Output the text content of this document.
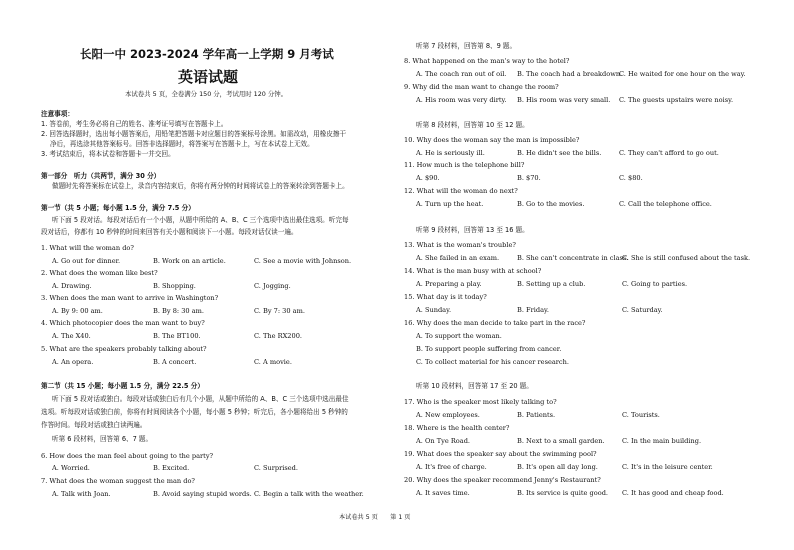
长阳一中 2023-2024 学年高一上学期 9 月考试
英语试题
本试卷共 5 页，全卷满分 150 分，考试用时 120 分钟。
注意事项：
1. 答卷前，考生务必将自己的姓名、准考证号填写在答题卡上。
2. 回答选择题时，选出每小题答案后，用铅笔把答题卡对应题目的答案标号涂黑。如需改动，用橡皮擦干
净后，再选涂其他答案标号。回答非选择题时，将答案写在答题卡上，写在本试卷上无效。
3. 考试结束后，将本试卷和答题卡一并交回。
第一部分　听力（共两节，满分 30 分）
做题时先将答案标在试卷上，录音内容结束后，你将有两分钟的时间将试卷上的答案转涂到答题卡上。
第一节（共 5 小题；每小题 1.5 分，满分 7.5 分）
听下面 5 段对话。每段对话后有一个小题，从题中所给的 A、B、C 三个选项中选出最佳选项。听完每
段对话后，你都有 10 秒钟的时间来回答有关小题和阅读下一小题。每段对话仅读一遍。
1. What will the woman do?
A. Go out for dinner.	B. Work on an article.	C. See a movie with Johnson.
2. What does the woman like best?
A. Drawing.	B. Shopping.	C. Jogging.
3. When does the man want to arrive in Washington?
A. By 9: 00 am.	B. By 8: 30 am.	C. By 7: 30 am.
4. Which photocopier does the man want to buy?
A. The X40.	B. The BT100.	C. The RX200.
5. What are the speakers probably talking about?
A. An opera.	B. A concert.	C. A movie.
第二节（共 15 小题；每小题 1.5 分，满分 22.5 分）
听下面 5 段对话或独白。每段对话或独白后有几个小题，从题中所给的 A、B、C 三个选项中选出最佳
选项。听每段对话或独白前，你将有时间阅读各个小题，每小题 5 秒钟；听完后，各小题将给出 5 秒钟的
作答时间。每段对话或独白读两遍。
听第 6 段材料，回答第 6、7 题。
6. How does the man feel about going to the party?
A. Worried.	B. Excited.	C. Surprised.
7. What does the woman suggest the man do?
A. Talk with Joan.	B. Avoid saying stupid words. C. Begin a talk with the weather.
听第 7 段材料，回答第 8、9 题。
8. What happened on the man's way to the hotel?
A. The coach ran out of oil. B. The coach had a breakdown.
C. He waited for one hour on the way.
9. Why did the man want to change the room?
A. His room was very dirty. B. His room was very small. C. The guests upstairs were noisy.
听第 8 段材料，回答第 10 至 12 题。
10. Why does the woman say the man is impossible?
A. He is seriously ill.	B. He didn't see the bills.	C. They can't afford to go out.
11. How much is the telephone bill?
A. $90.	B. $70.	C. $80.
12. What will the woman do next?
A. Turn up the heat.	B. Go to the movies.	C. Call the telephone office.
听第 9 段材料，回答第 13 至 16 题。
13. What is the woman's trouble?
A. She failed in an exam.	B. She can't concentrate in class.
C. She is still confused about the task.
14. What is the man busy with at school?
A. Preparing a play.	B. Setting up a club.	C. Going to parties.
15. What day is it today?
A. Sunday.	B. Friday.	C. Saturday.
16. Why does the man decide to take part in the race?
A. To support the woman.
B. To support people suffering from cancer.
C. To collect material for his cancer research.
听第 10 段材料，回答第 17 至 20 题。
17. Who is the speaker most likely talking to?
A. New employees.	B. Patients.	C. Tourists.
18. Where is the health center?
A. On Tye Road.	B. Next to a small garden.	C. In the main building.
19. What does the speaker say about the swimming pool?
A. It's free of charge.	B. It's open all day long.	C. It's in the leisure center.
20. Why does the speaker recommend Jenny's Restaurant?
A. It saves time.	B. Its service is quite good. C. It has good and cheap food.
本试卷共 5 页　　第 1 页
